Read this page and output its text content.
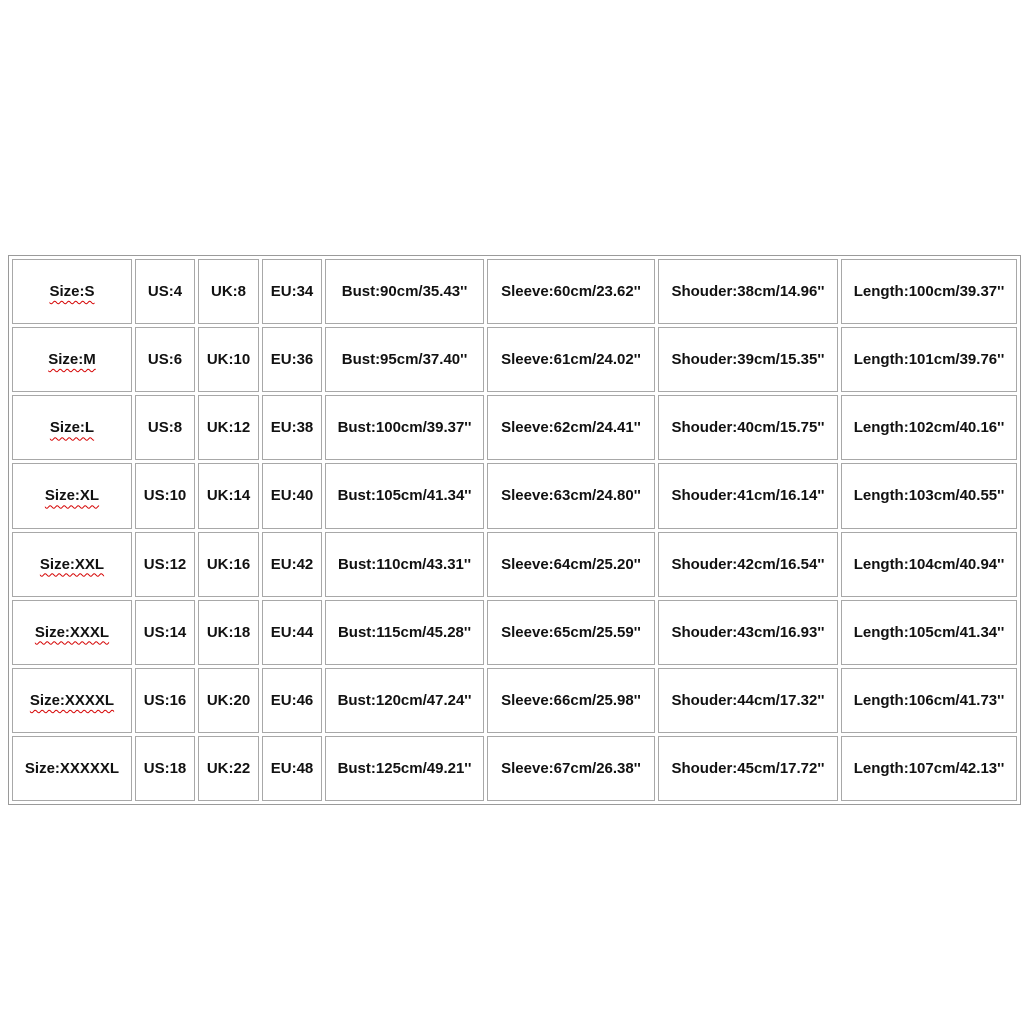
Size:S	US:4	UK:8	EU:34	Bust:90cm/35.43''	Sleeve:60cm/23.62''	Shouder:38cm/14.96''	Length:100cm/39.37''
Size:M	US:6	UK:10	EU:36	Bust:95cm/37.40''	Sleeve:61cm/24.02''	Shouder:39cm/15.35''	Length:101cm/39.76''
Size:L	US:8	UK:12	EU:38	Bust:100cm/39.37''	Sleeve:62cm/24.41''	Shouder:40cm/15.75''	Length:102cm/40.16''
Size:XL	US:10	UK:14	EU:40	Bust:105cm/41.34''	Sleeve:63cm/24.80''	Shouder:41cm/16.14''	Length:103cm/40.55''
Size:XXL	US:12	UK:16	EU:42	Bust:110cm/43.31''	Sleeve:64cm/25.20''	Shouder:42cm/16.54''	Length:104cm/40.94''
Size:XXXL	US:14	UK:18	EU:44	Bust:115cm/45.28''	Sleeve:65cm/25.59''	Shouder:43cm/16.93''	Length:105cm/41.34''
Size:XXXXL	US:16	UK:20	EU:46	Bust:120cm/47.24''	Sleeve:66cm/25.98''	Shouder:44cm/17.32''	Length:106cm/41.73''
Size:XXXXXL	US:18	UK:22	EU:48	Bust:125cm/49.21''	Sleeve:67cm/26.38''	Shouder:45cm/17.72''	Length:107cm/42.13''
